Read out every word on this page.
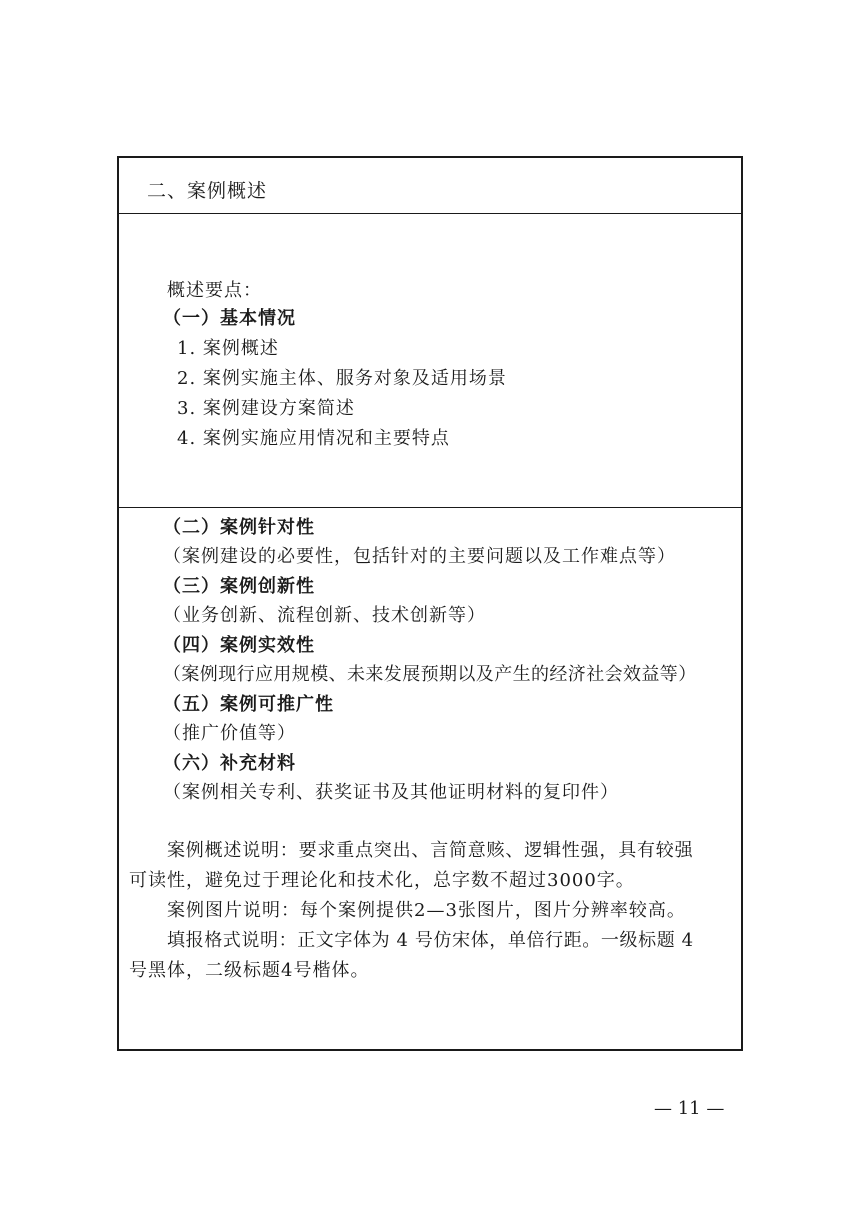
二、案例概述
概述要点：
（一）基本情况
1. 案例概述
2. 案例实施主体、服务对象及适用场景
3. 案例建设方案简述
4. 案例实施应用情况和主要特点
（二）案例针对性
（案例建设的必要性，包括针对的主要问题以及工作难点等）
（三）案例创新性
（业务创新、流程创新、技术创新等）
（四）案例实效性
（案例现行应用规模、未来发展预期以及产生的经济社会效益等）
（五）案例可推广性
（推广价值等）
（六）补充材料
（案例相关专利、获奖证书及其他证明材料的复印件）
案例概述说明：要求重点突出、言简意赅、逻辑性强，具有较强
可读性，避免过于理论化和技术化，总字数不超过3000字。
案例图片说明：每个案例提供2—3张图片，图片分辨率较高。
填报格式说明：正文字体为 4 号仿宋体，单倍行距。一级标题 4
号黑体，二级标题4号楷体。
— 11 —
